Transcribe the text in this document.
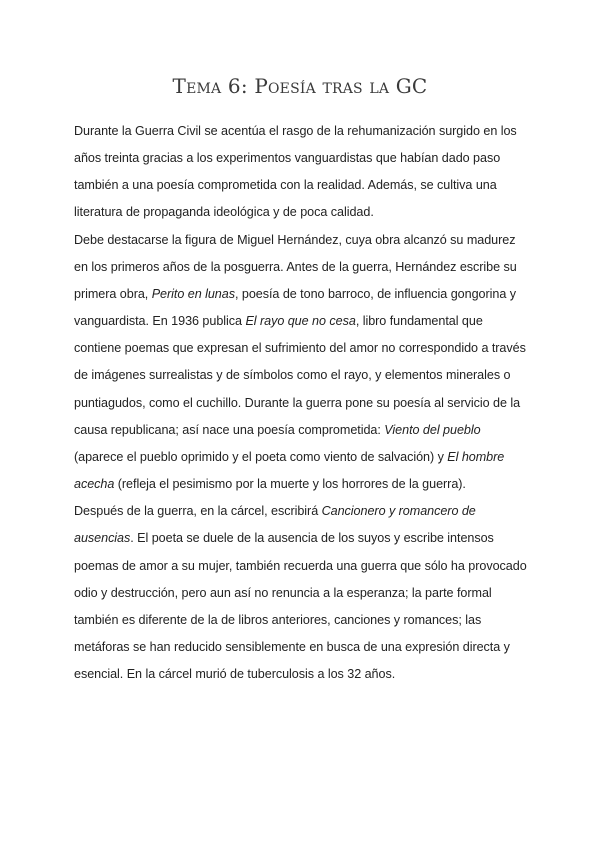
Tema 6: Poesía tras la GC

Durante la Guerra Civil se acentúa el rasgo de la rehumanización surgido en los años treinta gracias a los experimentos vanguardistas que habían dado paso también a una poesía comprometida con la realidad. Además, se cultiva una literatura de propaganda ideológica y de poca calidad.

Debe destacarse la figura de Miguel Hernández, cuya obra alcanzó su madurez en los primeros años de la posguerra. Antes de la guerra, Hernández escribe su primera obra, Perito en lunas, poesía de tono barroco, de influencia gongorina y vanguardista. En 1936 publica El rayo que no cesa, libro fundamental que contiene poemas que expresan el sufrimiento del amor no correspondido a través de imágenes surrealistas y de símbolos como el rayo, y elementos minerales o puntiagudos, como el cuchillo. Durante la guerra pone su poesía al servicio de la causa republicana; así nace una poesía comprometida: Viento del pueblo (aparece el pueblo oprimido y el poeta como viento de salvación) y El hombre acecha (refleja el pesimismo por la muerte y los horrores de la guerra).

Después de la guerra, en la cárcel, escribirá Cancionero y romancero de ausencias. El poeta se duele de la ausencia de los suyos y escribe intensos poemas de amor a su mujer, también recuerda una guerra que sólo ha provocado odio y destrucción, pero aun así no renuncia a la esperanza; la parte formal también es diferente de la de libros anteriores, canciones y romances; las metáforas se han reducido sensiblemente en busca de una expresión directa y esencial. En la cárcel murió de tuberculosis a los 32 años.
